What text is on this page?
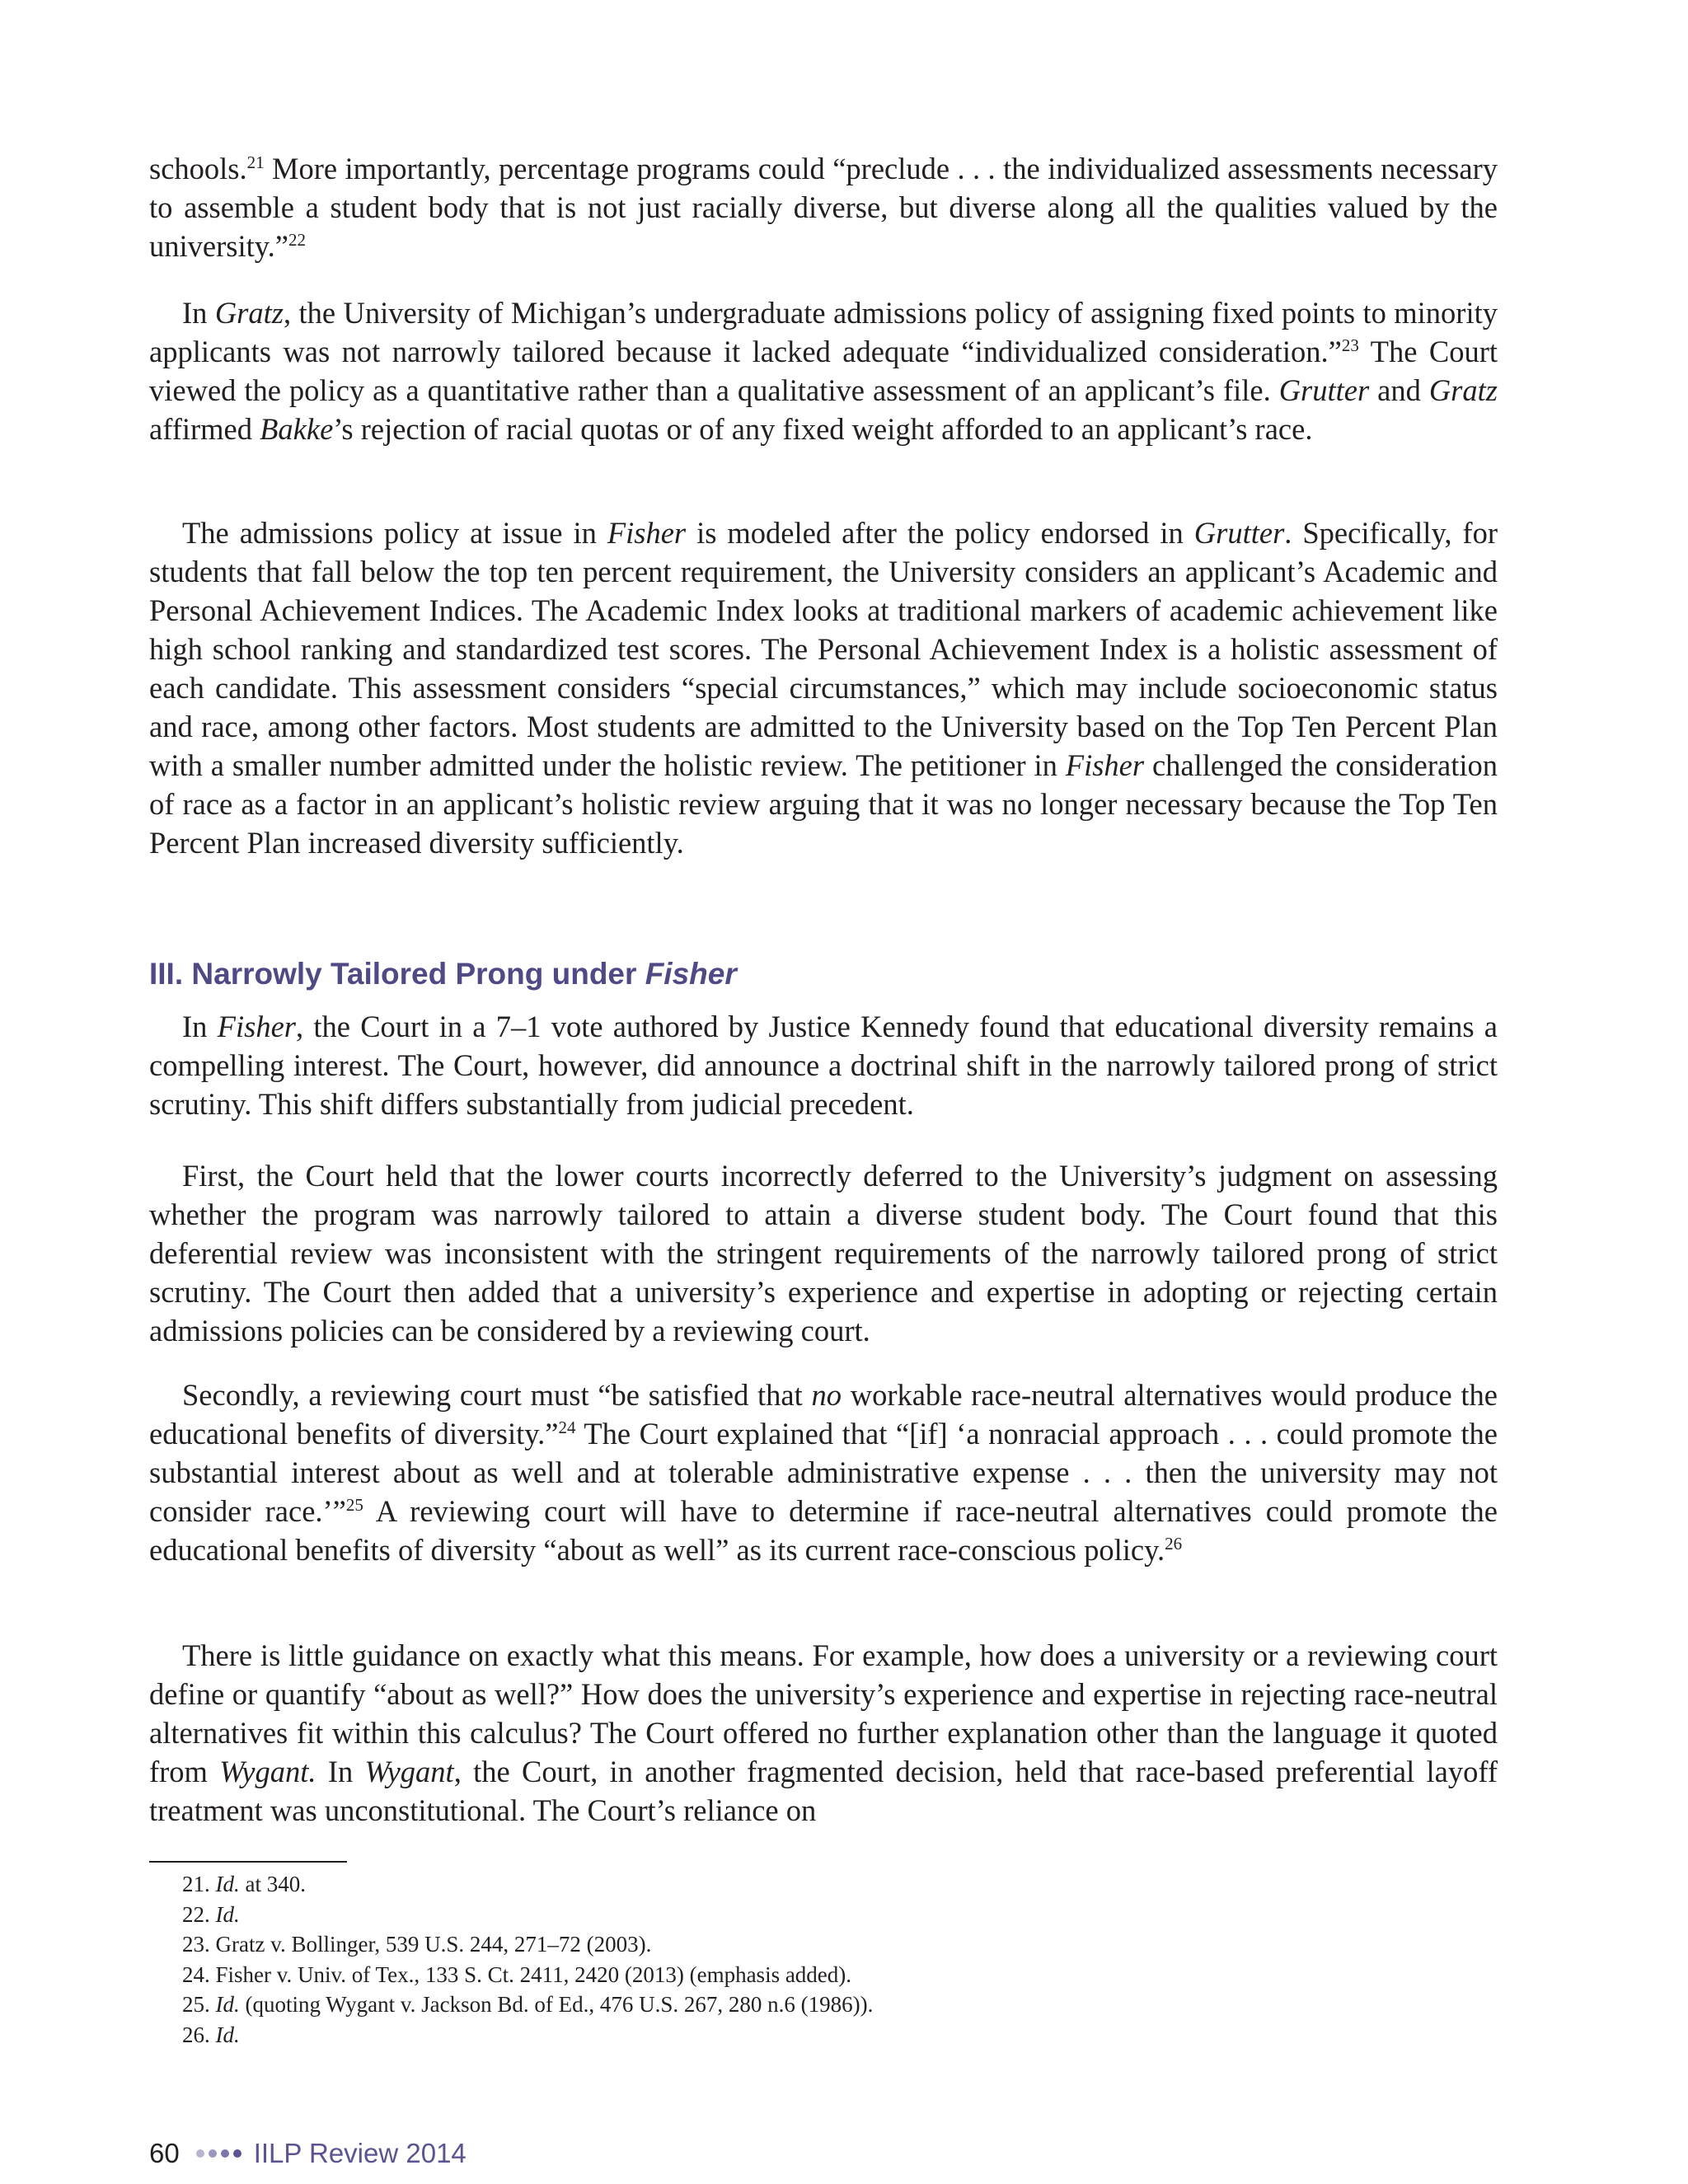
schools.$^{21}$ More importantly, percentage programs could “preclude . . . the individualized assessments necessary to assemble a student body that is not just racially diverse, but diverse along all the qualities valued by the university.”$^{22}$

In Gratz, the University of Michigan’s undergraduate admissions policy of assigning fixed points to minority applicants was not narrowly tailored because it lacked adequate “individualized consideration.”$^{23}$ The Court viewed the policy as a quantitative rather than a qualitative assessment of an applicant’s file. Grutter and Gratz affirmed Bakke’s rejection of racial quotas or of any fixed weight afforded to an applicant’s race.

The admissions policy at issue in Fisher is modeled after the policy endorsed in Grutter. Specifically, for students that fall below the top ten percent requirement, the University considers an applicant’s Academic and Personal Achievement Indices. The Academic Index looks at traditional markers of academic achievement like high school ranking and standardized test scores. The Personal Achievement Index is a holistic assessment of each candidate. This assessment considers “special circumstances,” which may include socioeconomic status and race, among other factors. Most students are admitted to the University based on the Top Ten Percent Plan with a smaller number admitted under the holistic review. The petitioner in Fisher challenged the consideration of race as a factor in an applicant’s holistic review arguing that it was no longer necessary because the Top Ten Percent Plan increased diversity sufficiently.

III. Narrowly Tailored Prong under Fisher

In Fisher, the Court in a 7–1 vote authored by Justice Kennedy found that educational diversity remains a compelling interest. The Court, however, did announce a doctrinal shift in the narrowly tailored prong of strict scrutiny. This shift differs substantially from judicial precedent.

First, the Court held that the lower courts incorrectly deferred to the University’s judgment on assessing whether the program was narrowly tailored to attain a diverse student body. The Court found that this deferential review was inconsistent with the stringent requirements of the narrowly tailored prong of strict scrutiny. The Court then added that a university’s experience and expertise in adopting or rejecting certain admissions policies can be considered by a reviewing court.

Secondly, a reviewing court must “be satisfied that no workable race-neutral alternatives would produce the educational benefits of diversity.”$^{24}$ The Court explained that “[if] ‘a nonracial approach . . . could promote the substantial interest about as well and at tolerable administrative expense . . . then the university may not consider race.’”$^{25}$ A reviewing court will have to determine if race-neutral alternatives could promote the educational benefits of diversity “about as well” as its current race-conscious policy.$^{26}$

There is little guidance on exactly what this means. For example, how does a university or a reviewing court define or quantify “about as well?” How does the university’s experience and expertise in rejecting race-neutral alternatives fit within this calculus? The Court offered no further explanation other than the language it quoted from Wygant. In Wygant, the Court, in another fragmented decision, held that race-based preferential layoff treatment was unconstitutional. The Court’s reliance on

21. Id. at 340.

22. Id.

23. Gratz v. Bollinger, 539 U.S. 244, 271–72 (2003).

24. Fisher v. Univ. of Tex., 133 S. Ct. 2411, 2420 (2013) (emphasis added).

25. Id. (quoting Wygant v. Jackson Bd. of Ed., 476 U.S. 267, 280 n.6 (1986)).

26. Id.

60	IILP Review 2014
